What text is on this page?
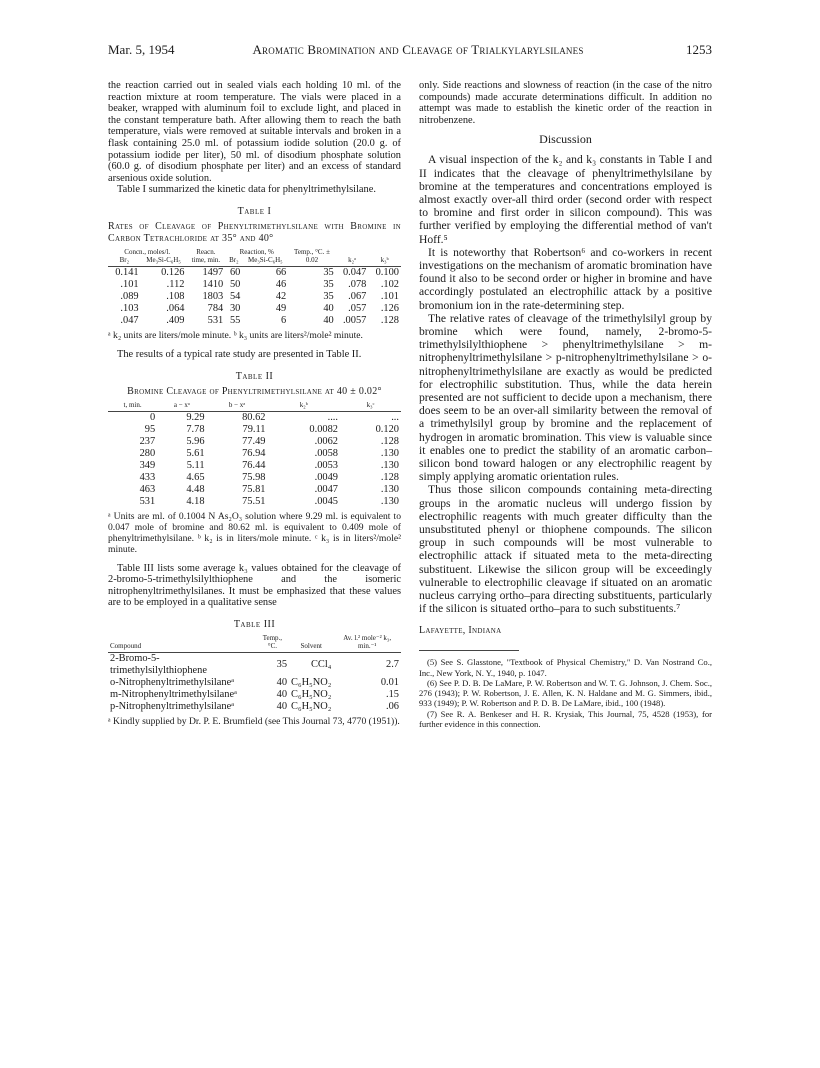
Mar. 5, 1954	Aromatic Bromination and Cleavage of Trialkylarylsilanes	1253

the reaction carried out in sealed vials each holding 10 ml. of the reaction mixture at room temperature. The vials were placed in a beaker, wrapped with aluminum foil to exclude light, and placed in the constant temperature bath. After allowing them to reach the bath temperature, vials were removed at suitable intervals and broken in a flask containing 25.0 ml. of potassium iodide solution (20.0 g. of potassium iodide per liter), 50 ml. of disodium phosphate solution (60.0 g. of disodium phosphate per liter) and an excess of standard arsenious oxide solution.

Table I summarized the kinetic data for phenyltrimethylsilane.

Table I
Rates of Cleavage of Phenyltrimethylsilane with Bromine in Carbon Tetrachloride at 35° and 40°
Concn., moles/l.		Reacn.	Reaction, %		Temp., °C. ±		
Br₂	Me₃Si-C₆H₅	time, min.	Br₂	Me₃Si-C₆H₅	0.02	k₂ᵃ	k₃ᵇ
0.141	0.126	1497	60	66	35	0.047	0.100
.101	.112	1410	50	46	35	.078	.102
.089	.108	1803	54	42	35	.067	.101
.103	.064	784	30	49	40	.057	.126
.047	.409	531	55	6	40	.0057	.128

ᵃ k₂ units are liters/mole minute. ᵇ k₃ units are liters²/mole² minute.

The results of a typical rate study are presented in Table II.

Table II
Bromine Cleavage of Phenyltrimethylsilane at 40 ± 0.02°
t, min.	a − xᵃ	b − xᵃ	k₂ᵇ	k₃ᶜ
0	9.29	80.62	....	...
95	7.78	79.11	0.0082	0.120
237	5.96	77.49	.0062	.128
280	5.61	76.94	.0058	.130
349	5.11	76.44	.0053	.130
433	4.65	75.98	.0049	.128
463	4.48	75.81	.0047	.130
531	4.18	75.51	.0045	.130

ᵃ Units are ml. of 0.1004 N As₂O₃ solution where 9.29 ml. is equivalent to 0.047 mole of bromine and 80.62 ml. is equivalent to 0.409 mole of phenyltrimethylsilane. ᵇ k₂ is in liters/mole minute. ᶜ k₃ is in liters²/mole² minute.

Table III lists some average k₃ values obtained for the cleavage of 2-bromo-5-trimethylsilylthiophene and the isomeric nitrophenyltrimethylsilanes. It must be emphasized that these values are to be employed in a qualitative sense

Table III
Compound	Temp., °C.	Solvent	Av. l.² mole⁻² k₃, min.⁻¹
2-Bromo-5-trimethylsilylthiophene	35	CCl₄	2.7
o-Nitrophenyltrimethylsilaneᵃ	40	C₆H₅NO₂	0.01
m-Nitrophenyltrimethylsilaneᵃ	40	C₆H₅NO₂	.15
p-Nitrophenyltrimethylsilaneᵃ	40	C₆H₅NO₂	.06

ᵃ Kindly supplied by Dr. P. E. Brumfield (see This Journal 73, 4770 (1951)).

only. Side reactions and slowness of reaction (in the case of the nitro compounds) made accurate determinations difficult. In addition no attempt was made to establish the kinetic order of the reaction in nitrobenzene.

Discussion

A visual inspection of the k₂ and k₃ constants in Table I and II indicates that the cleavage of phenyltrimethylsilane by bromine at the temperatures and concentrations employed is almost exactly over-all third order (second order with respect to bromine and first order in silicon compound). This was further verified by employing the differential method of van't Hoff.⁵

It is noteworthy that Robertson⁶ and co-workers in recent investigations on the mechanism of aromatic bromination have found it also to be second order or higher in bromine and have accordingly postulated an electrophilic attack by a positive bromonium ion in the rate-determining step.

The relative rates of cleavage of the trimethylsilyl group by bromine which were found, namely, 2-bromo-5-trimethylsilylthiophene > phenyltrimethylsilane > m-nitrophenyltrimethylsilane > p-nitrophenyltrimethylsilane > o-nitrophenyltrimethylsilane are exactly as would be predicted for electrophilic substitution. Thus, while the data herein presented are not sufficient to decide upon a mechanism, there does seem to be an over-all similarity between the removal of a trimethylsilyl group by bromine and the replacement of hydrogen in aromatic bromination. This view is valuable since it enables one to predict the stability of an aromatic carbon–silicon bond toward halogen or any electrophilic reagent by simply applying aromatic orientation rules.

Thus those silicon compounds containing meta-directing groups in the aromatic nucleus will undergo fission by electrophilic reagents with much greater difficulty than the unsubstituted phenyl or thiophene compounds. The silicon group in such compounds will be most vulnerable to electrophilic attack if situated meta to the meta-directing substituent. Likewise the silicon group will be exceedingly vulnerable to electrophilic cleavage if situated on an aromatic nucleus carrying ortho–para directing substituents, particularly if the silicon is situated ortho–para to such substituents.⁷

Lafayette, Indiana

(5) See S. Glasstone, "Textbook of Physical Chemistry," D. Van Nostrand Co., Inc., New York, N. Y., 1940, p. 1047.

(6) See P. D. B. De LaMare, P. W. Robertson and W. T. G. Johnson, J. Chem. Soc., 276 (1943); P. W. Robertson, J. E. Allen, K. N. Haldane and M. G. Simmers, ibid., 933 (1949); P. W. Robertson and P. D. B. De LaMare, ibid., 100 (1948).

(7) See R. A. Benkeser and H. R. Krysiak, This Journal, 75, 4528 (1953), for further evidence in this connection.
